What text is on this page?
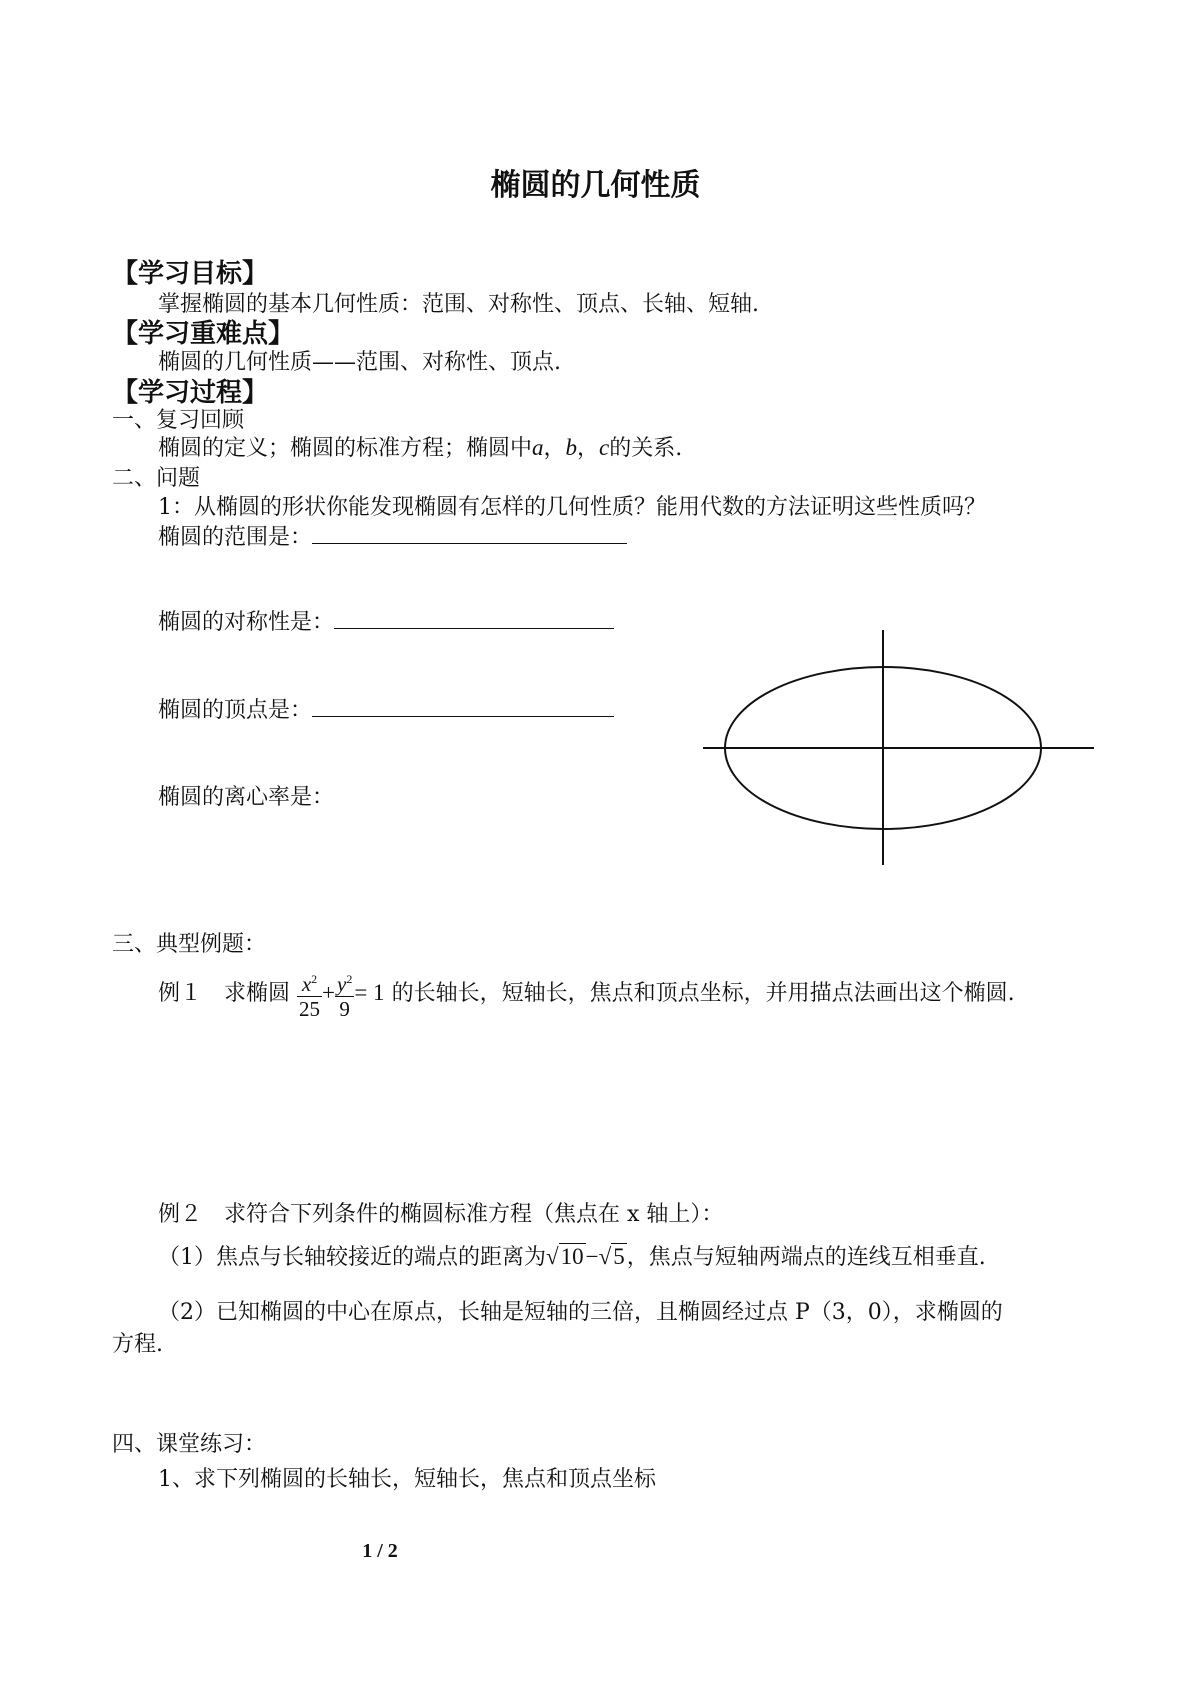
椭圆的几何性质
【学习目标】
掌握椭圆的基本几何性质：范围、对称性、顶点、长轴、短轴.
【学习重难点】
椭圆的几何性质——范围、对称性、顶点.
【学习过程】
一、复习回顾
椭圆的定义；椭圆的标准方程；椭圆中a，b，c的关系.
二、问题
1：从椭圆的形状你能发现椭圆有怎样的几何性质？能用代数的方法证明这些性质吗？
椭圆的范围是：
椭圆的对称性是：
椭圆的顶点是：
椭圆的离心率是：
三、典型例题：
例１　求椭圆 $\frac{x^2}{25} + \frac{y^2}{9} = 1$ 的长轴长，短轴长，焦点和顶点坐标，并用描点法画出这个椭圆.
例２　求符合下列条件的椭圆标准方程（焦点在 x 轴上）：
（1）焦点与长轴较接近的端点的距离为√10−√5，焦点与短轴两端点的连线互相垂直.
（2）已知椭圆的中心在原点，长轴是短轴的三倍，且椭圆经过点 P（3，0），求椭圆的
方程.
四、课堂练习：
1、求下列椭圆的长轴长，短轴长，焦点和顶点坐标
1 / 2
